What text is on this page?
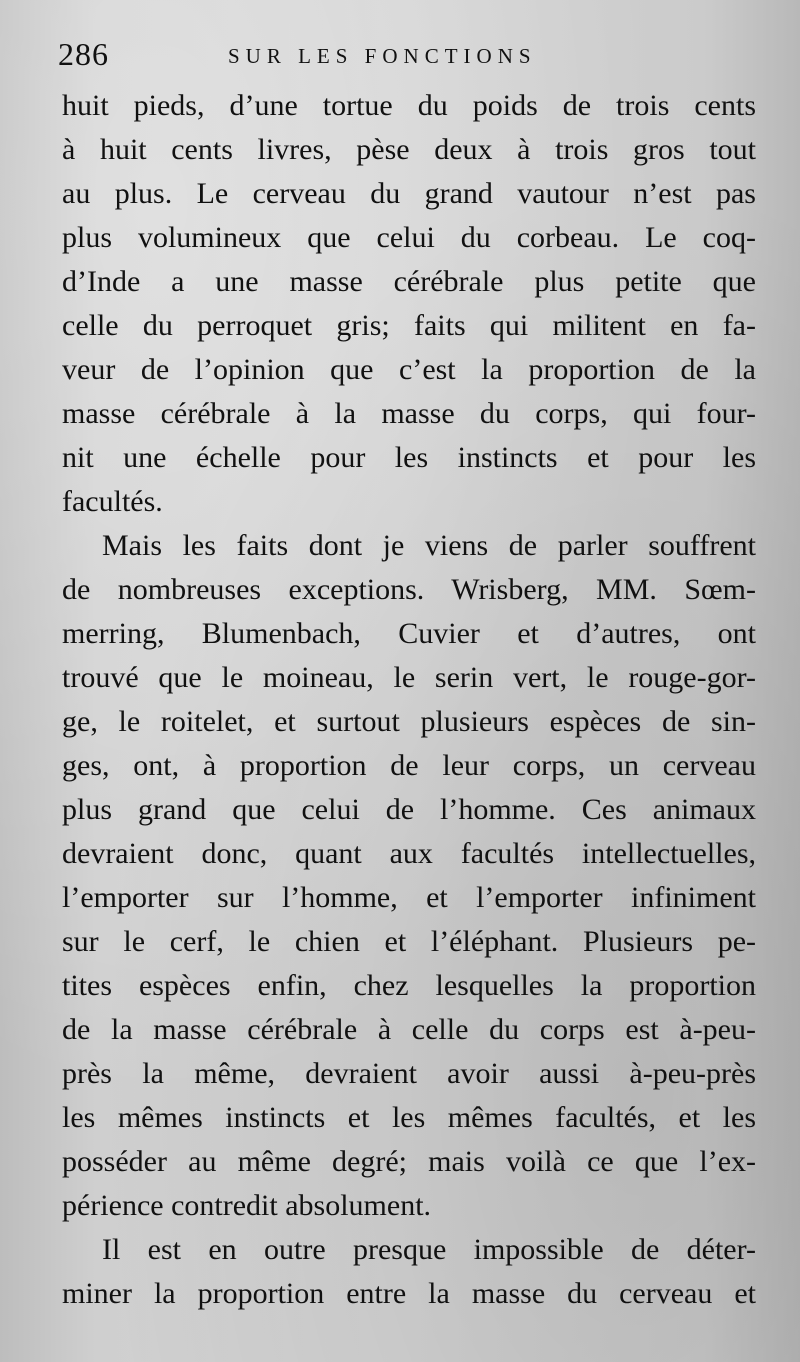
286	SUR LES FONCTIONS
huit pieds, d’une tortue du poids de trois cents
à huit cents livres, pèse deux à trois gros tout
au plus. Le cerveau du grand vautour n’est pas
plus volumineux que celui du corbeau. Le coq-
d’Inde a une masse cérébrale plus petite que
celle du perroquet gris; faits qui militent en fa-
veur de l’opinion que c’est la proportion de la
masse cérébrale à la masse du corps, qui four-
nit une échelle pour les instincts et pour les
facultés.
Mais les faits dont je viens de parler souffrent
de nombreuses exceptions. Wrisberg, MM. Sœm-
merring, Blumenbach, Cuvier et d’autres, ont
trouvé que le moineau, le serin vert, le rouge-gor-
ge, le roitelet, et surtout plusieurs espèces de sin-
ges, ont, à proportion de leur corps, un cerveau
plus grand que celui de l’homme. Ces animaux
devraient donc, quant aux facultés intellectuelles,
l’emporter sur l’homme, et l’emporter infiniment
sur le cerf, le chien et l’éléphant. Plusieurs pe-
tites espèces enfin, chez lesquelles la proportion
de la masse cérébrale à celle du corps est à-peu-
près la même, devraient avoir aussi à-peu-près
les mêmes instincts et les mêmes facultés, et les
posséder au même degré; mais voilà ce que l’ex-
périence contredit absolument.
Il est en outre presque impossible de déter-
miner la proportion entre la masse du cerveau et
